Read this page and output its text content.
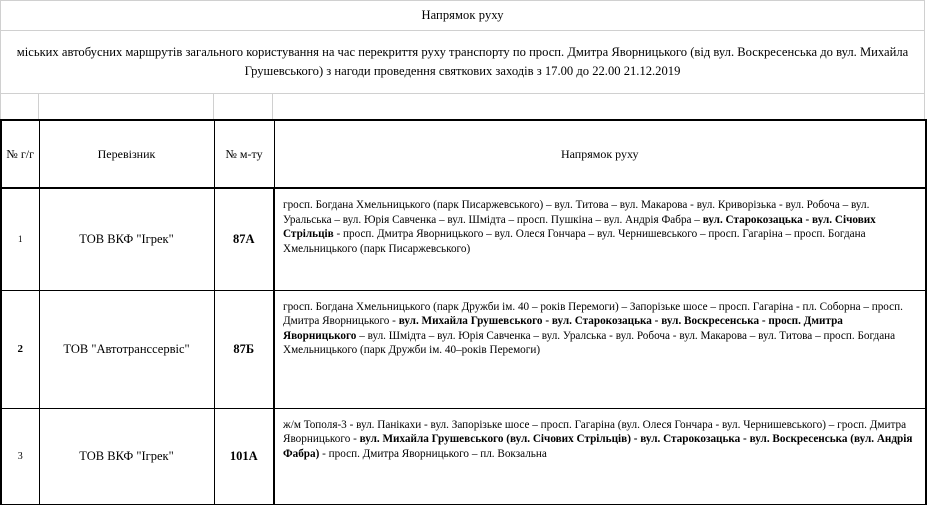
Напрямок руху
міських автобусних маршрутів загального користування на час перекриття руху транспорту по просп. Дмитра Яворницького (від вул. Воскресенська до вул. Михайла Грушевського) з нагоди проведення святкових заходів з 17.00 до 22.00 21.12.2019
№ г/г	Перевізник	№ м-ту	Напрямок руху
1	ТОВ ВКФ "Ігрек"	87А	гросп. Богдана Хмельницького (парк Писаржевського) – вул. Титова – вул. Макарова - вул. Криворізька - вул. Робоча – вул. Уральська – вул. Юрія Савченка – вул. Шмідта – просп. Пушкіна – вул. Андрія Фабра – вул. Старокозацька - вул. Січових Стрільців - просп. Дмитра Яворницького – вул. Олеся Гончара – вул. Чернишевського – просп. Гагаріна – просп. Богдана Хмельницького (парк Писаржевського)
2	ТОВ "Автотранссервіс"	87Б	гросп. Богдана Хмельницького (парк Дружби ім. 40 – років Перемоги) – Запорізьке шосе – просп. Гагаріна - пл. Соборна – просп. Дмитра Яворницького - вул. Михайла Грушевського - вул. Старокозацька - вул. Воскресенська - просп. Дмитра Яворницького – вул. Шмідта – вул. Юрія Савченка – вул. Уралська - вул. Робоча - вул. Макарова – вул. Титова – просп. Богдана Хмельницького (парк Дружби ім. 40–років Перемоги)
3	ТОВ ВКФ "Ігрек"	101А	ж/м Тополя-3 - вул. Панікахи - вул. Запорізьке шосе – просп. Гагаріна (вул. Олеся Гончара - вул. Чернишевського) – гросп. Дмитра Яворницького - вул. Михайла Грушевського (вул. Січових Стрільців) - вул. Старокозацька - вул. Воскресенська (вул. Андрія Фабра) - просп. Дмитра Яворницького – пл. Вокзальна
